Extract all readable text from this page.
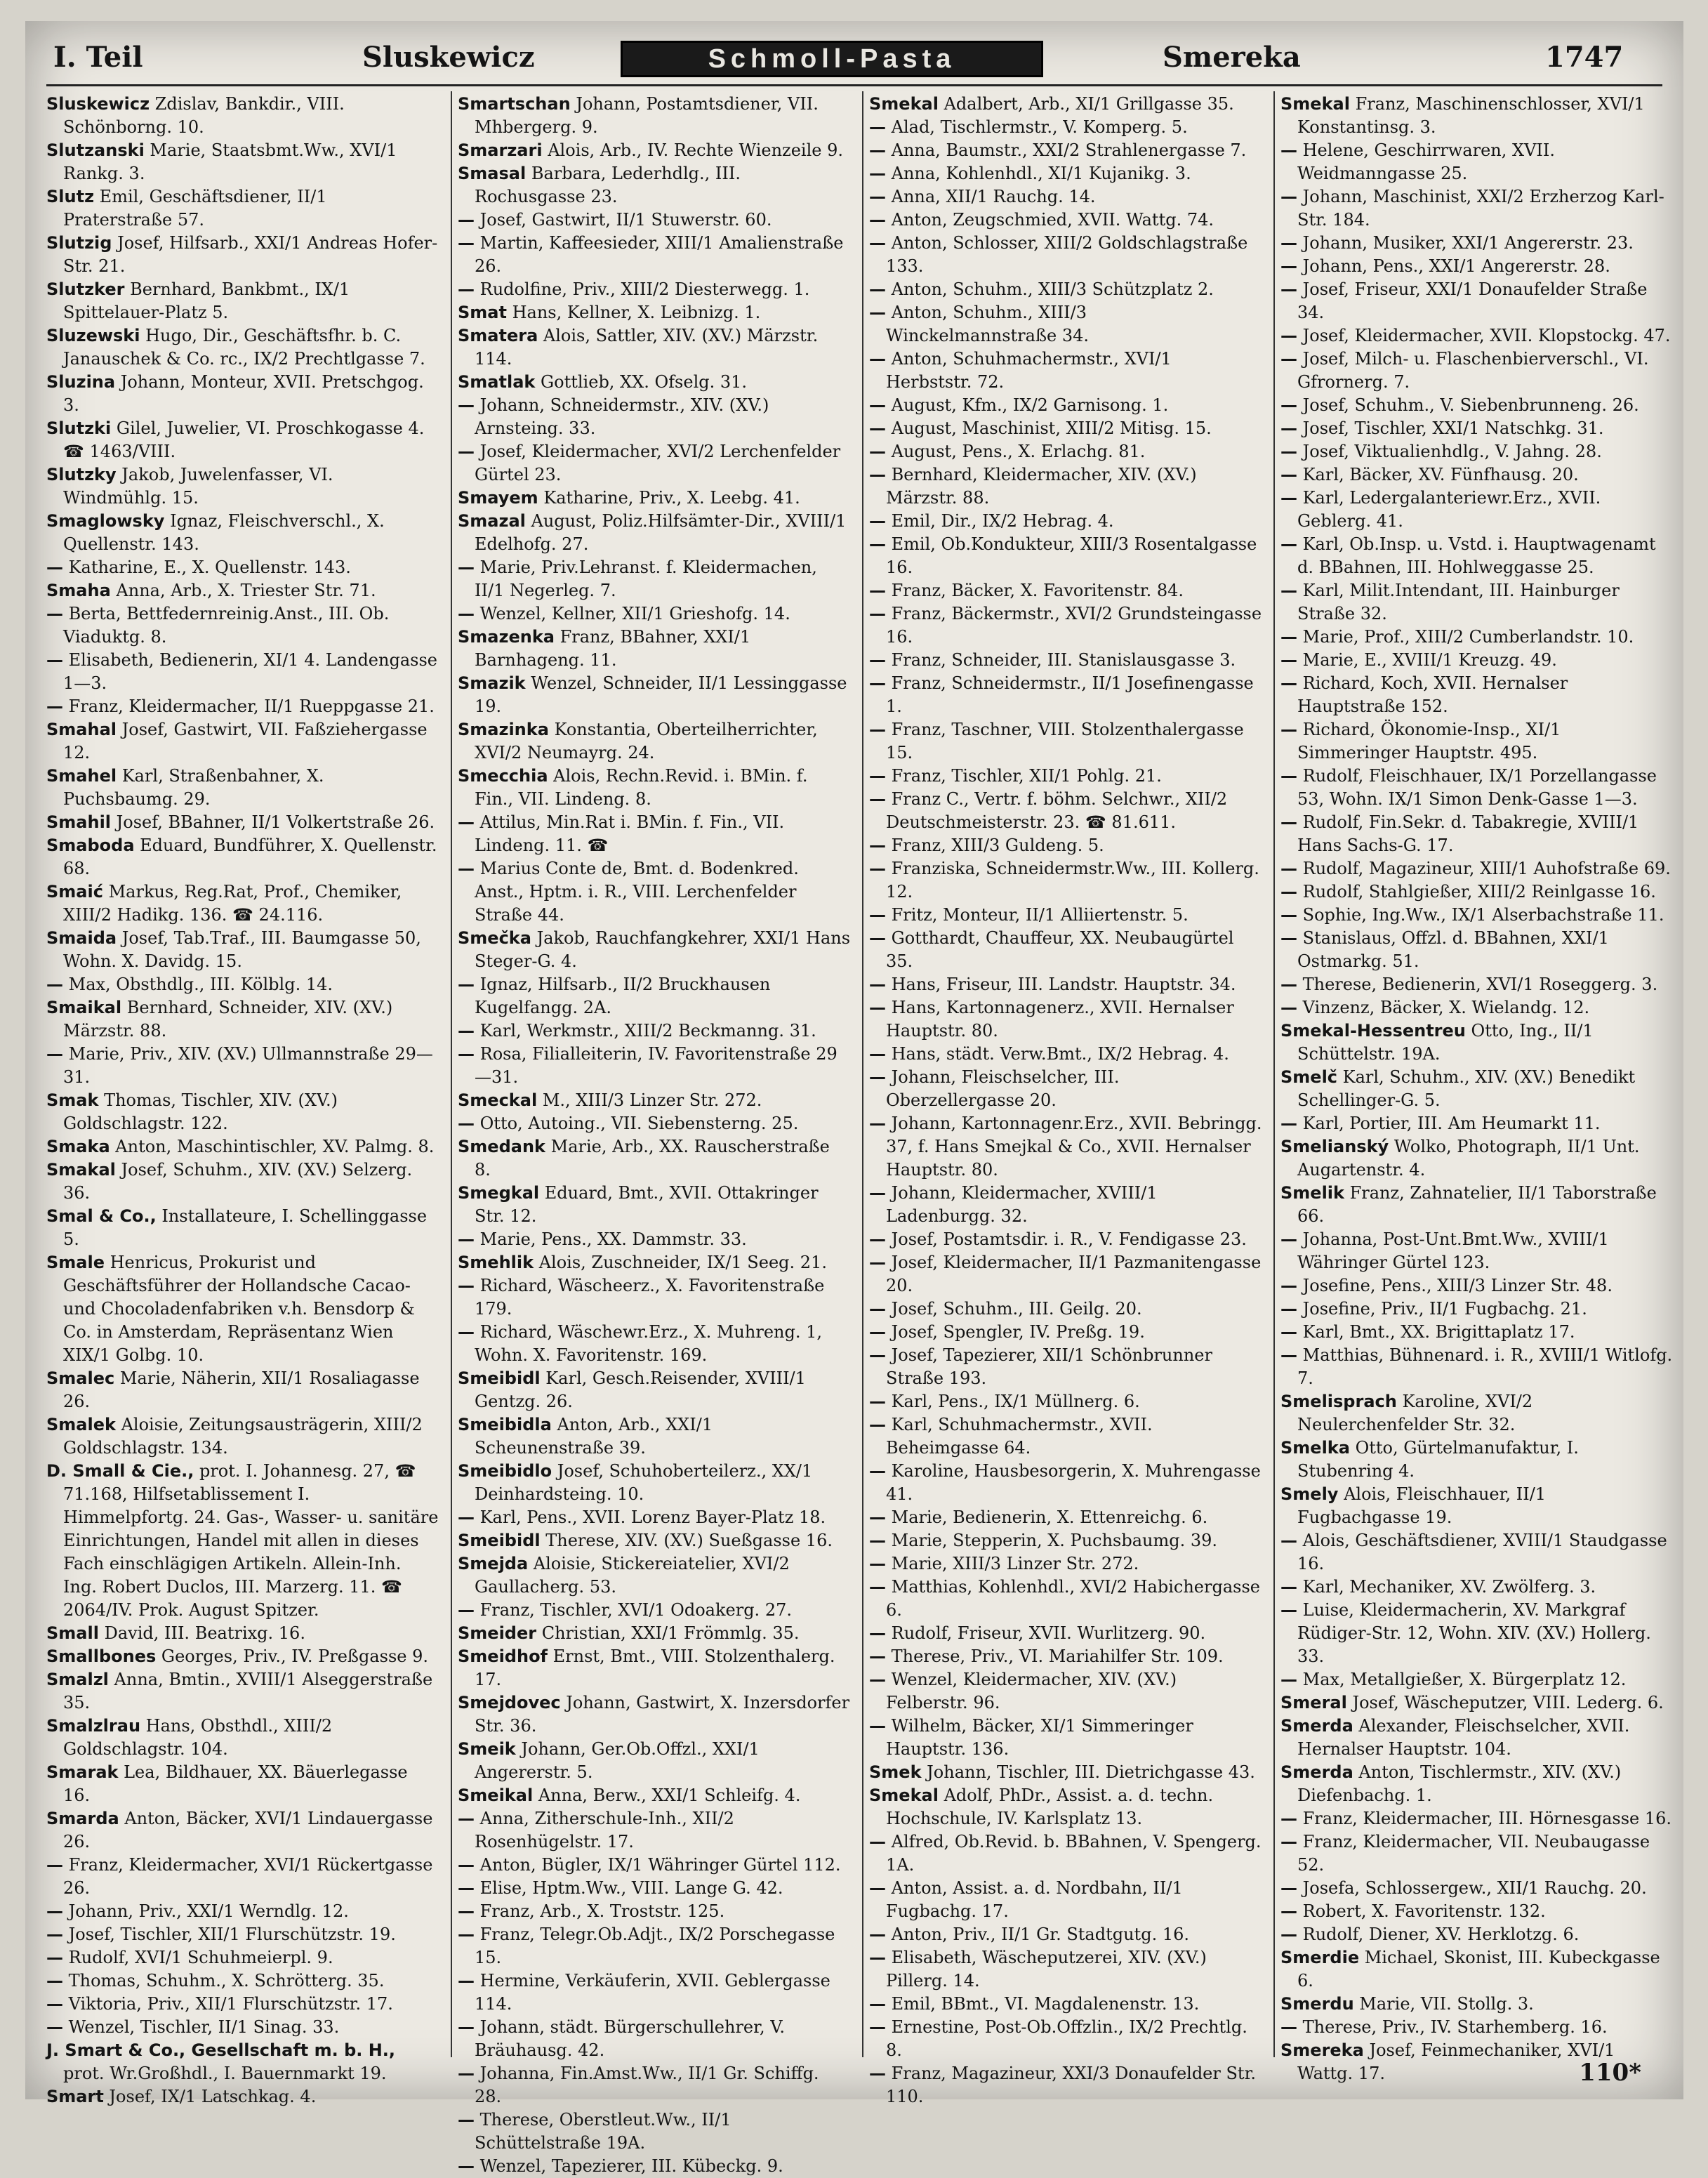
I. Teil	Sluskewicz	Schmoll-Pasta	Smereka	1747

Sluskewicz Zdislav, Bankdir., VIII. Schönborng. 10.

Slutzanski Marie, Staatsbmt.Ww., XVI/1 Rankg. 3.

Slutz Emil, Geschäftsdiener, II/1 Praterstraße 57.

Slutzig Josef, Hilfsarb., XXI/1 Andreas Hofer-Str. 21.

Slutzker Bernhard, Bankbmt., IX/1 Spittelauer-Platz 5.

Sluzewski Hugo, Dir., Geschäftsfhr. b. C. Janauschek & Co. rc., IX/2 Prechtlgasse 7.

Sluzina Johann, Monteur, XVII. Pretschgog. 3.

Slutzki Gilel, Juwelier, VI. Proschkogasse 4. ☎ 1463/VIII.

Slutzky Jakob, Juwelenfasser, VI. Windmühlg. 15.

Smaglowsky Ignaz, Fleischverschl., X. Quellenstr. 143.

— Katharine, E., X. Quellenstr. 143.

Smaha Anna, Arb., X. Triester Str. 71.

— Berta, Bettfedernreinig.Anst., III. Ob. Viaduktg. 8.

— Elisabeth, Bedienerin, XI/1 4. Landengasse 1—3.

— Franz, Kleidermacher, II/1 Rueppgasse 21.

Smahal Josef, Gastwirt, VII. Faßziehergasse 12.

Smahel Karl, Straßenbahner, X. Puchsbaumg. 29.

Smahil Josef, BBahner, II/1 Volkertstraße 26.

Smaboda Eduard, Bundführer, X. Quellenstr. 68.

Smaić Markus, Reg.Rat, Prof., Chemiker, XIII/2 Hadikg. 136. ☎ 24.116.

Smaida Josef, Tab.Traf., III. Baumgasse 50, Wohn. X. Davidg. 15.

— Max, Obsthdlg., III. Kölblg. 14.

Smaikal Bernhard, Schneider, XIV. (XV.) Märzstr. 88.

— Marie, Priv., XIV. (XV.) Ullmannstraße 29—31.

Smak Thomas, Tischler, XIV. (XV.) Goldschlagstr. 122.

Smaka Anton, Maschintischler, XV. Palmg. 8.

Smakal Josef, Schuhm., XIV. (XV.) Selzerg. 36.

Smal & Co., Installateure, I. Schellinggasse 5.

Smale Henricus, Prokurist und Geschäftsführer der Hollandsche Cacao- und Chocoladenfabriken v.h. Bensdorp & Co. in Amsterdam, Repräsentanz Wien XIX/1 Golbg. 10.

Smalec Marie, Näherin, XII/1 Rosaliagasse 26.

Smalek Aloisie, Zeitungsausträgerin, XIII/2 Goldschlagstr. 134.

D. Small & Cie., prot. I. Johannesg. 27, ☎ 71.168, Hilfsetablissement I. Himmelpfortg. 24. Gas-, Wasser- u. sanitäre Einrichtungen, Handel mit allen in dieses Fach einschlägigen Artikeln. Allein-Inh. Ing. Robert Duclos, III. Marzerg. 11. ☎ 2064/IV. Prok. August Spitzer.

Small David, III. Beatrixg. 16.

Smallbones Georges, Priv., IV. Preßgasse 9.

Smalzl Anna, Bmtin., XVIII/1 Alseggerstraße 35.

Smalzlrau Hans, Obsthdl., XIII/2 Goldschlagstr. 104.

Smarak Lea, Bildhauer, XX. Bäuerlegasse 16.

Smarda Anton, Bäcker, XVI/1 Lindauergasse 26.

— Franz, Kleidermacher, XVI/1 Rückertgasse 26.

— Johann, Priv., XXI/1 Werndlg. 12.

— Josef, Tischler, XII/1 Flurschützstr. 19.

— Rudolf, XVI/1 Schuhmeierpl. 9.

— Thomas, Schuhm., X. Schrötterg. 35.

— Viktoria, Priv., XII/1 Flurschützstr. 17.

— Wenzel, Tischler, II/1 Sinag. 33.

J. Smart & Co., Gesellschaft m. b. H., prot. Wr.Großhdl., I. Bauernmarkt 19.

Smart Josef, IX/1 Latschkag. 4.

Smartschan Johann, Postamtsdiener, VII. Mhbergerg. 9.

Smarzari Alois, Arb., IV. Rechte Wienzeile 9.

Smasal Barbara, Lederhdlg., III. Rochusgasse 23.

— Josef, Gastwirt, II/1 Stuwerstr. 60.

— Martin, Kaffeesieder, XIII/1 Amalienstraße 26.

— Rudolfine, Priv., XIII/2 Diesterwegg. 1.

Smat Hans, Kellner, X. Leibnizg. 1.

Smatera Alois, Sattler, XIV. (XV.) Märzstr. 114.

Smatlak Gottlieb, XX. Ofselg. 31.

— Johann, Schneidermstr., XIV. (XV.) Arnsteing. 33.

— Josef, Kleidermacher, XVI/2 Lerchenfelder Gürtel 23.

Smayem Katharine, Priv., X. Leebg. 41.

Smazal August, Poliz.Hilfsämter-Dir., XVIII/1 Edelhofg. 27.

— Marie, Priv.Lehranst. f. Kleidermachen, II/1 Negerleg. 7.

— Wenzel, Kellner, XII/1 Grieshofg. 14.

Smazenka Franz, BBahner, XXI/1 Barnhageng. 11.

Smazik Wenzel, Schneider, II/1 Lessinggasse 19.

Smazinka Konstantia, Oberteilherrichter, XVI/2 Neumayrg. 24.

Smecchia Alois, Rechn.Revid. i. BMin. f. Fin., VII. Lindeng. 8.

— Attilus, Min.Rat i. BMin. f. Fin., VII. Lindeng. 11. ☎

— Marius Conte de, Bmt. d. Bodenkred. Anst., Hptm. i. R., VIII. Lerchenfelder Straße 44.

Smečka Jakob, Rauchfangkehrer, XXI/1 Hans Steger-G. 4.

— Ignaz, Hilfsarb., II/2 Bruckhausen Kugelfangg. 2A.

— Karl, Werkmstr., XIII/2 Beckmanng. 31.

— Rosa, Filialleiterin, IV. Favoritenstraße 29—31.

Smeckal M., XIII/3 Linzer Str. 272.

— Otto, Autoing., VII. Siebensterng. 25.

Smedank Marie, Arb., XX. Rauscherstraße 8.

Smegkal Eduard, Bmt., XVII. Ottakringer Str. 12.

— Marie, Pens., XX. Dammstr. 33.

Smehlik Alois, Zuschneider, IX/1 Seeg. 21.

— Richard, Wäscheerz., X. Favoritenstraße 179.

— Richard, Wäschewr.Erz., X. Muhreng. 1, Wohn. X. Favoritenstr. 169.

Smeibidl Karl, Gesch.Reisender, XVIII/1 Gentzg. 26.

Smeibidla Anton, Arb., XXI/1 Scheunenstraße 39.

Smeibidlo Josef, Schuhoberteilerz., XX/1 Deinhardsteing. 10.

— Karl, Pens., XVII. Lorenz Bayer-Platz 18.

Smeibidl Therese, XIV. (XV.) Sueßgasse 16.

Smejda Aloisie, Stickereiatelier, XVI/2 Gaullacherg. 53.

— Franz, Tischler, XVI/1 Odoakerg. 27.

Smeider Christian, XXI/1 Frömmlg. 35.

Smeidhof Ernst, Bmt., VIII. Stolzenthalerg. 17.

Smejdovec Johann, Gastwirt, X. Inzersdorfer Str. 36.

Smeik Johann, Ger.Ob.Offzl., XXI/1 Angererstr. 5.

Smeikal Anna, Berw., XXI/1 Schleifg. 4.

— Anna, Zitherschule-Inh., XII/2 Rosenhügelstr. 17.

— Anton, Bügler, IX/1 Währinger Gürtel 112.

— Elise, Hptm.Ww., VIII. Lange G. 42.

— Franz, Arb., X. Troststr. 125.

— Franz, Telegr.Ob.Adjt., IX/2 Porschegasse 15.

— Hermine, Verkäuferin, XVII. Geblergasse 114.

— Johann, städt. Bürgerschullehrer, V. Bräuhausg. 42.

— Johanna, Fin.Amst.Ww., II/1 Gr. Schiffg. 28.

— Therese, Oberstleut.Ww., II/1 Schüttelstraße 19A.

— Wenzel, Tapezierer, III. Kübeckg. 9.

Smekal Adalbert, Arb., XI/1 Grillgasse 35.

— Alad, Tischlermstr., V. Komperg. 5.

— Anna, Baumstr., XXI/2 Strahlenergasse 7.

— Anna, Kohlenhdl., XI/1 Kujanikg. 3.

— Anna, XII/1 Rauchg. 14.

— Anton, Zeugschmied, XVII. Wattg. 74.

— Anton, Schlosser, XIII/2 Goldschlagstraße 133.

— Anton, Schuhm., XIII/3 Schützplatz 2.

— Anton, Schuhm., XIII/3 Winckelmannstraße 34.

— Anton, Schuhmachermstr., XVI/1 Herbststr. 72.

— August, Kfm., IX/2 Garnisong. 1.

— August, Maschinist, XIII/2 Mitisg. 15.

— August, Pens., X. Erlachg. 81.

— Bernhard, Kleidermacher, XIV. (XV.) Märzstr. 88.

— Emil, Dir., IX/2 Hebrag. 4.

— Emil, Ob.Kondukteur, XIII/3 Rosentalgasse 16.

— Franz, Bäcker, X. Favoritenstr. 84.

— Franz, Bäckermstr., XVI/2 Grundsteingasse 16.

— Franz, Schneider, III. Stanislausgasse 3.

— Franz, Schneidermstr., II/1 Josefinengasse 1.

— Franz, Taschner, VIII. Stolzenthalergasse 15.

— Franz, Tischler, XII/1 Pohlg. 21.

— Franz C., Vertr. f. böhm. Selchwr., XII/2 Deutschmeisterstr. 23. ☎ 81.611.

— Franz, XIII/3 Guldeng. 5.

— Franziska, Schneidermstr.Ww., III. Kollerg. 12.

— Fritz, Monteur, II/1 Alliiertenstr. 5.

— Gotthardt, Chauffeur, XX. Neubaugürtel 35.

— Hans, Friseur, III. Landstr. Hauptstr. 34.

— Hans, Kartonnagenerz., XVII. Hernalser Hauptstr. 80.

— Hans, städt. Verw.Bmt., IX/2 Hebrag. 4.

— Johann, Fleischselcher, III. Oberzellergasse 20.

— Johann, Kartonnagenr.Erz., XVII. Bebringg. 37, f. Hans Smejkal & Co., XVII. Hernalser Hauptstr. 80.

— Johann, Kleidermacher, XVIII/1 Ladenburgg. 32.

— Josef, Postamtsdir. i. R., V. Fendigasse 23.

— Josef, Kleidermacher, II/1 Pazmanitengasse 20.

— Josef, Schuhm., III. Geilg. 20.

— Josef, Spengler, IV. Preßg. 19.

— Josef, Tapezierer, XII/1 Schönbrunner Straße 193.

— Karl, Pens., IX/1 Müllnerg. 6.

— Karl, Schuhmachermstr., XVII. Beheimgasse 64.

— Karoline, Hausbesorgerin, X. Muhrengasse 41.

— Marie, Bedienerin, X. Ettenreichg. 6.

— Marie, Stepperin, X. Puchsbaumg. 39.

— Marie, XIII/3 Linzer Str. 272.

— Matthias, Kohlenhdl., XVI/2 Habichergasse 6.

— Rudolf, Friseur, XVII. Wurlitzerg. 90.

— Therese, Priv., VI. Mariahilfer Str. 109.

— Wenzel, Kleidermacher, XIV. (XV.) Felberstr. 96.

— Wilhelm, Bäcker, XI/1 Simmeringer Hauptstr. 136.

Smek Johann, Tischler, III. Dietrichgasse 43.

Smekal Adolf, PhDr., Assist. a. d. techn. Hochschule, IV. Karlsplatz 13.

— Alfred, Ob.Revid. b. BBahnen, V. Spengerg. 1A.

— Anton, Assist. a. d. Nordbahn, II/1 Fugbachg. 17.

— Anton, Priv., II/1 Gr. Stadtgutg. 16.

— Elisabeth, Wäscheputzerei, XIV. (XV.) Pillerg. 14.

— Emil, BBmt., VI. Magdalenenstr. 13.

— Ernestine, Post-Ob.Offzlin., IX/2 Prechtlg. 8.

— Franz, Magazineur, XXI/3 Donaufelder Str. 110.

Smekal Franz, Maschinenschlosser, XVI/1 Konstantinsg. 3.

— Helene, Geschirrwaren, XVII. Weidmanngasse 25.

— Johann, Maschinist, XXI/2 Erzherzog Karl-Str. 184.

— Johann, Musiker, XXI/1 Angererstr. 23.

— Johann, Pens., XXI/1 Angererstr. 28.

— Josef, Friseur, XXI/1 Donaufelder Straße 34.

— Josef, Kleidermacher, XVII. Klopstockg. 47.

— Josef, Milch- u. Flaschenbierverschl., VI. Gfrornerg. 7.

— Josef, Schuhm., V. Siebenbrunneng. 26.

— Josef, Tischler, XXI/1 Natschkg. 31.

— Josef, Viktualienhdlg., V. Jahng. 28.

— Karl, Bäcker, XV. Fünfhausg. 20.

— Karl, Ledergalanteriewr.Erz., XVII. Geblerg. 41.

— Karl, Ob.Insp. u. Vstd. i. Hauptwagenamt d. BBahnen, III. Hohlweggasse 25.

— Karl, Milit.Intendant, III. Hainburger Straße 32.

— Marie, Prof., XIII/2 Cumberlandstr. 10.

— Marie, E., XVIII/1 Kreuzg. 49.

— Richard, Koch, XVII. Hernalser Hauptstraße 152.

— Richard, Ökonomie-Insp., XI/1 Simmeringer Hauptstr. 495.

— Rudolf, Fleischhauer, IX/1 Porzellangasse 53, Wohn. IX/1 Simon Denk-Gasse 1—3.

— Rudolf, Fin.Sekr. d. Tabakregie, XVIII/1 Hans Sachs-G. 17.

— Rudolf, Magazineur, XIII/1 Auhofstraße 69.

— Rudolf, Stahlgießer, XIII/2 Reinlgasse 16.

— Sophie, Ing.Ww., IX/1 Alserbachstraße 11.

— Stanislaus, Offzl. d. BBahnen, XXI/1 Ostmarkg. 51.

— Therese, Bedienerin, XVI/1 Roseggerg. 3.

— Vinzenz, Bäcker, X. Wielandg. 12.

Smekal-Hessentreu Otto, Ing., II/1 Schüttelstr. 19A.

Smelč Karl, Schuhm., XIV. (XV.) Benedikt Schellinger-G. 5.

— Karl, Portier, III. Am Heumarkt 11.

Smelianský Wolko, Photograph, II/1 Unt. Augartenstr. 4.

Smelik Franz, Zahnatelier, II/1 Taborstraße 66.

— Johanna, Post-Unt.Bmt.Ww., XVIII/1 Währinger Gürtel 123.

— Josefine, Pens., XIII/3 Linzer Str. 48.

— Josefine, Priv., II/1 Fugbachg. 21.

— Karl, Bmt., XX. Brigittaplatz 17.

— Matthias, Bühnenard. i. R., XVIII/1 Witlofg. 7.

Smelisprach Karoline, XVI/2 Neulerchenfelder Str. 32.

Smelka Otto, Gürtelmanufaktur, I. Stubenring 4.

Smely Alois, Fleischhauer, II/1 Fugbachgasse 19.

— Alois, Geschäftsdiener, XVIII/1 Staudgasse 16.

— Karl, Mechaniker, XV. Zwölferg. 3.

— Luise, Kleidermacherin, XV. Markgraf Rüdiger-Str. 12, Wohn. XIV. (XV.) Hollerg. 33.

— Max, Metallgießer, X. Bürgerplatz 12.

Smeral Josef, Wäscheputzer, VIII. Lederg. 6.

Smerda Alexander, Fleischselcher, XVII. Hernalser Hauptstr. 104.

Smerda Anton, Tischlermstr., XIV. (XV.) Diefenbachg. 1.

— Franz, Kleidermacher, III. Hörnesgasse 16.

— Franz, Kleidermacher, VII. Neubaugasse 52.

— Josefa, Schlossergew., XII/1 Rauchg. 20.

— Robert, X. Favoritenstr. 132.

— Rudolf, Diener, XV. Herklotzg. 6.

Smerdie Michael, Skonist, III. Kubeckgasse 6.

Smerdu Marie, VII. Stollg. 3.

— Therese, Priv., IV. Starhemberg. 16.

Smereka Josef, Feinmechaniker, XVI/1 Wattg. 17.	110*
